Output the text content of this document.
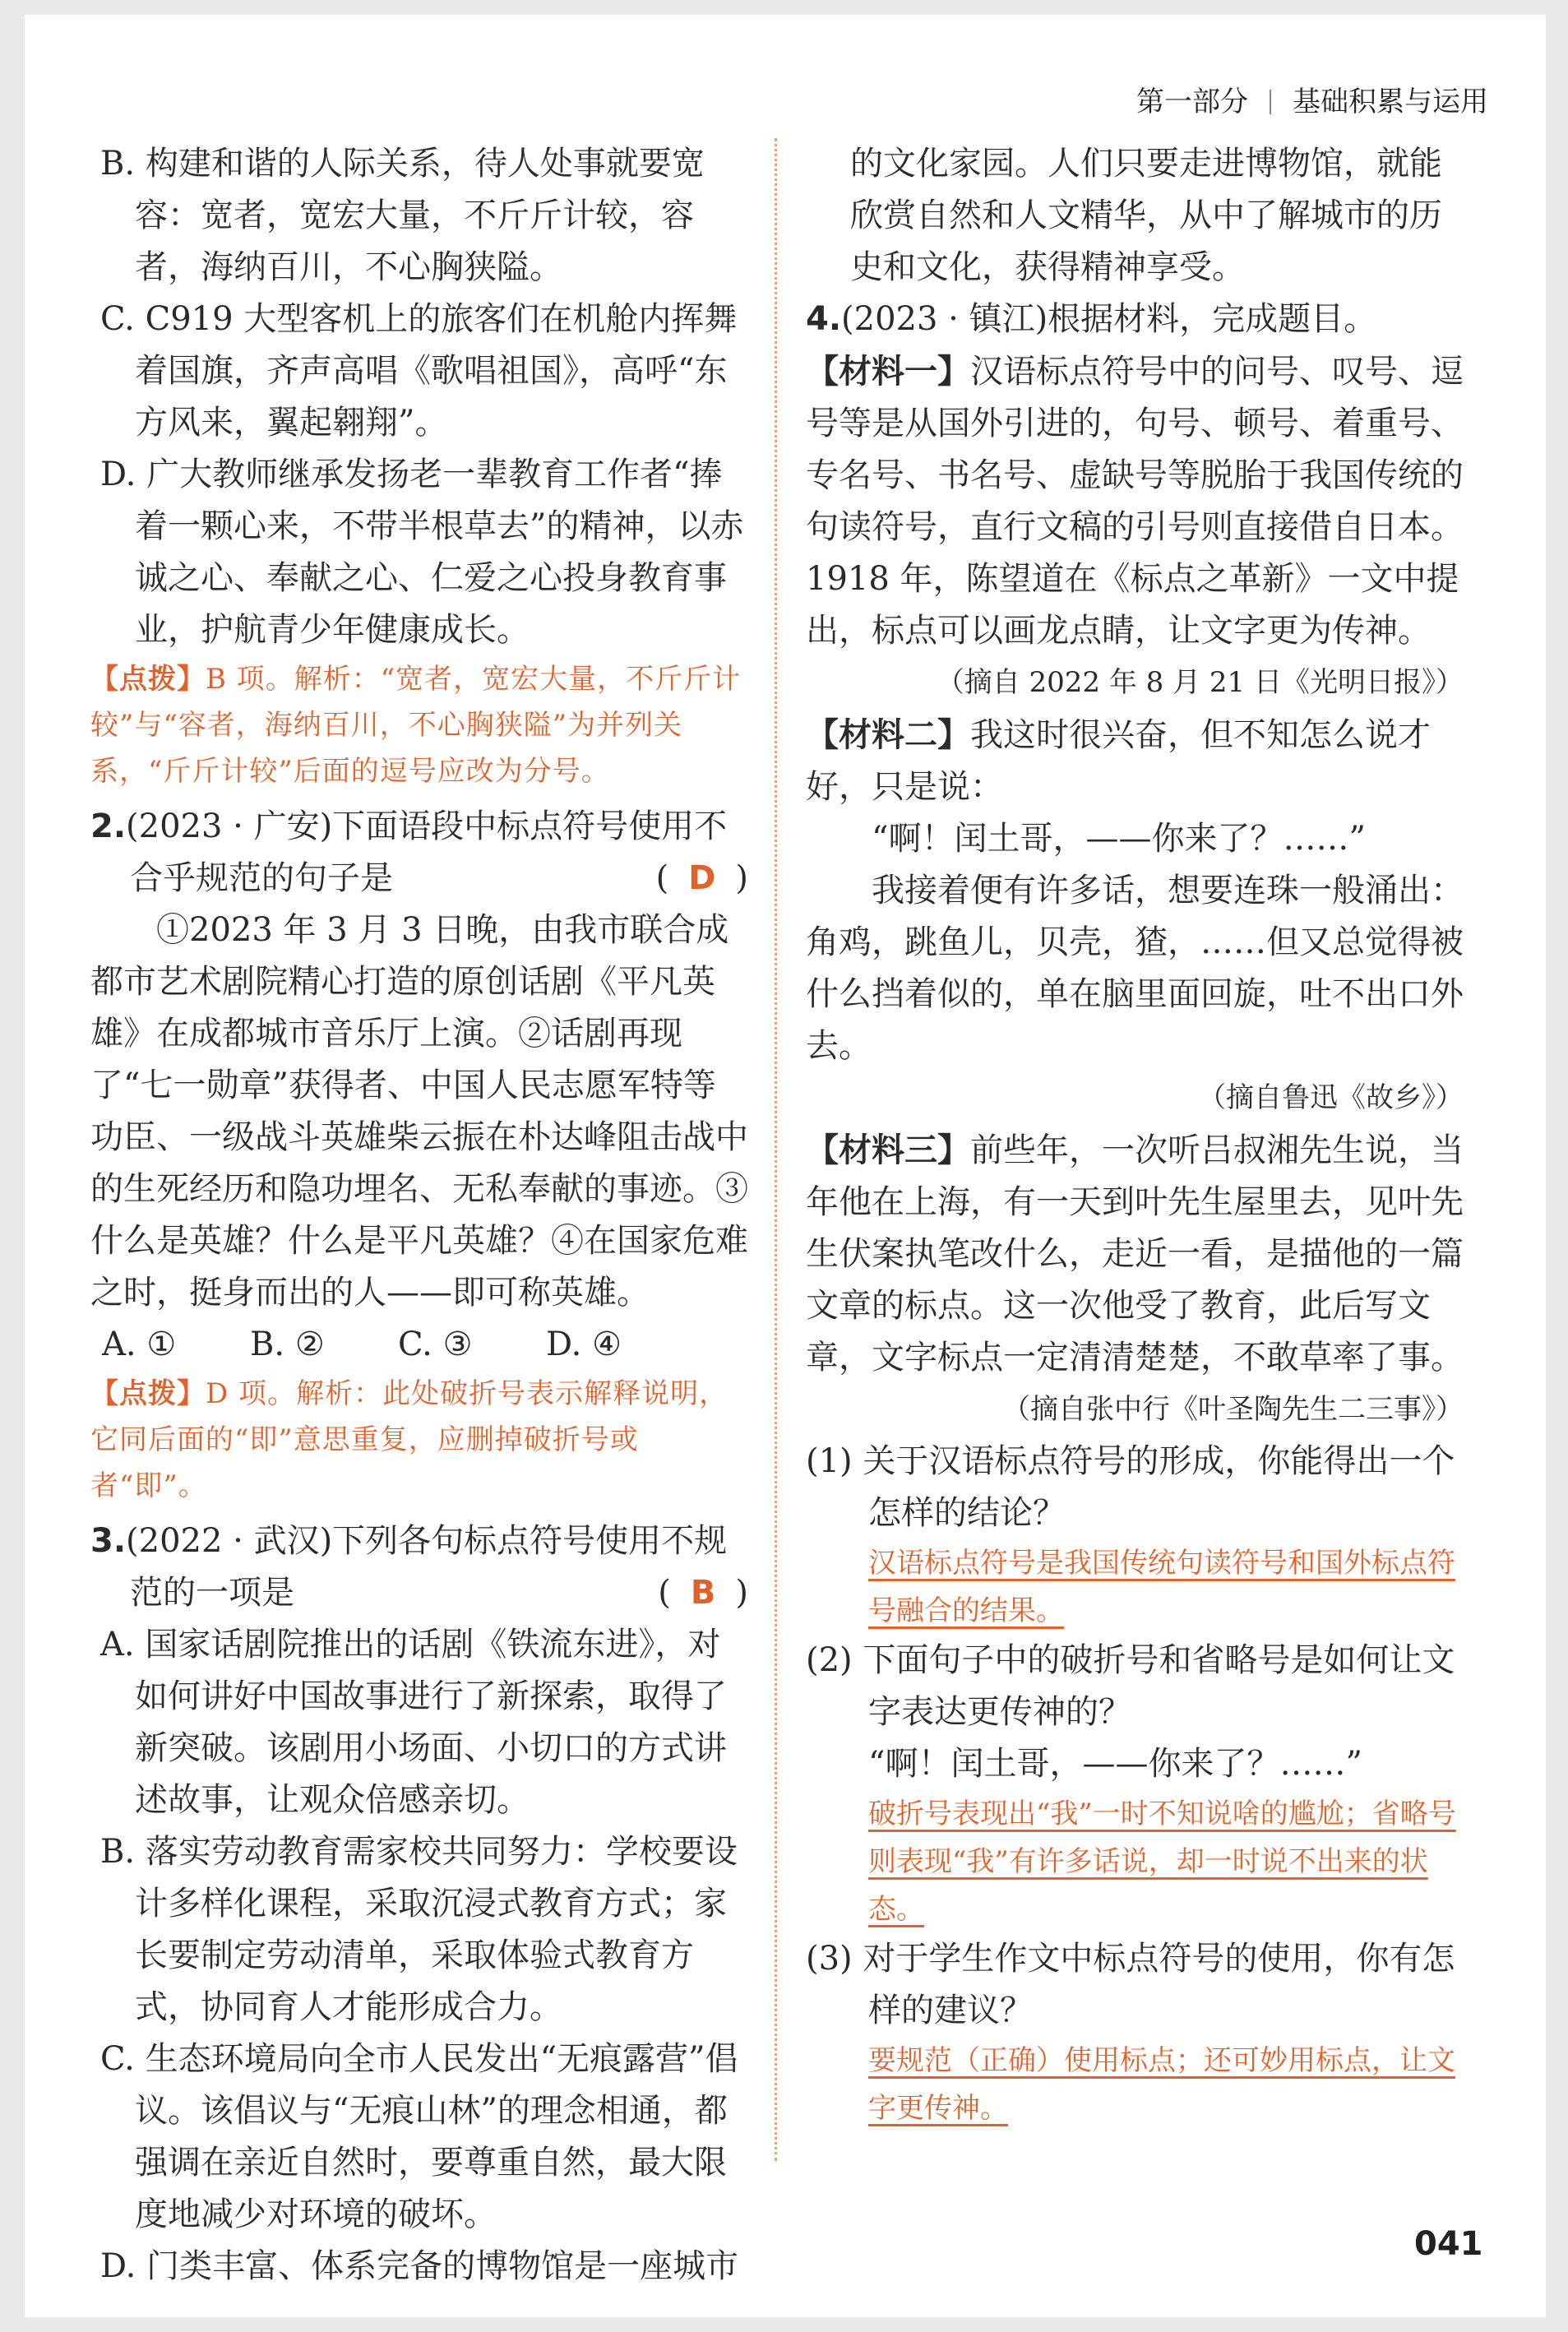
第一部分 基础积累与运用

B. 构建和谐的人际关系，待人处事就要宽容：宽者，宽宏大量，不斤斤计较，容者，海纳百川，不心胸狭隘。

C. C919 大型客机上的旅客们在机舱内挥舞着国旗，齐声高唱《歌唱祖国》，高呼“东方风来，翼起翱翔”。

D. 广大教师继承发扬老一辈教育工作者“捧着一颗心来，不带半根草去”的精神，以赤诚之心、奉献之心、仁爱之心投身教育事业，护航青少年健康成长。

【点拨】B 项。解析：“宽者，宽宏大量，不斤斤计较”与“容者，海纳百川，不心胸狭隘”为并列关系，“斤斤计较”后面的逗号应改为分号。

2.(2023 · 广安)下面语段中标点符号使用不合乎规范的句子是	( D )

①2023 年 3 月 3 日晚，由我市联合成都市艺术剧院精心打造的原创话剧《平凡英雄》在成都城市音乐厅上演。②话剧再现了“七一勋章”获得者、中国人民志愿军特等功臣、一级战斗英雄柴云振在朴达峰阻击战中的生死经历和隐功埋名、无私奉献的事迹。③什么是英雄？什么是平凡英雄？④在国家危难之时，挺身而出的人——即可称英雄。

A. ①	B. ②	C. ③	D. ④

【点拨】D 项。解析：此处破折号表示解释说明，它同后面的“即”意思重复，应删掉破折号或者“即”。

3.(2022 · 武汉)下列各句标点符号使用不规范的一项是	( B )

A. 国家话剧院推出的话剧《铁流东进》，对如何讲好中国故事进行了新探索，取得了新突破。该剧用小场面、小切口的方式讲述故事，让观众倍感亲切。

B. 落实劳动教育需家校共同努力：学校要设计多样化课程，采取沉浸式教育方式；家长要制定劳动清单，采取体验式教育方式，协同育人才能形成合力。

C. 生态环境局向全市人民发出“无痕露营”倡议。该倡议与“无痕山林”的理念相通，都强调在亲近自然时，要尊重自然，最大限度地减少对环境的破坏。

D. 门类丰富、体系完备的博物馆是一座城市

的文化家园。人们只要走进博物馆，就能欣赏自然和人文精华，从中了解城市的历史和文化，获得精神享受。

4.(2023 · 镇江)根据材料，完成题目。

【材料一】汉语标点符号中的问号、叹号、逗号等是从国外引进的，句号、顿号、着重号、专名号、书名号、虚缺号等脱胎于我国传统的句读符号，直行文稿的引号则直接借自日本。1918 年，陈望道在《标点之革新》一文中提出，标点可以画龙点睛，让文字更为传神。

（摘自 2022 年 8 月 21 日《光明日报》）

【材料二】我这时很兴奋，但不知怎么说才好，只是说：

“啊！闰土哥，——你来了？……”

我接着便有许多话，想要连珠一般涌出：角鸡，跳鱼儿，贝壳，猹，……但又总觉得被什么挡着似的，单在脑里面回旋，吐不出口外去。

（摘自鲁迅《故乡》）

【材料三】前些年，一次听吕叔湘先生说，当年他在上海，有一天到叶先生屋里去，见叶先生伏案执笔改什么，走近一看，是描他的一篇文章的标点。这一次他受了教育，此后写文章，文字标点一定清清楚楚，不敢草率了事。

（摘自张中行《叶圣陶先生二三事》）

(1) 关于汉语标点符号的形成，你能得出一个怎样的结论？

汉语标点符号是我国传统句读符号和国外标点符号融合的结果。

(2) 下面句子中的破折号和省略号是如何让文字表达更传神的？

“啊！闰土哥，——你来了？……”

破折号表现出“我”一时不知说啥的尴尬；省略号则表现“我”有许多话说，却一时说不出来的状态。

(3) 对于学生作文中标点符号的使用，你有怎样的建议？

要规范（正确）使用标点；还可妙用标点，让文字更传神。

041
